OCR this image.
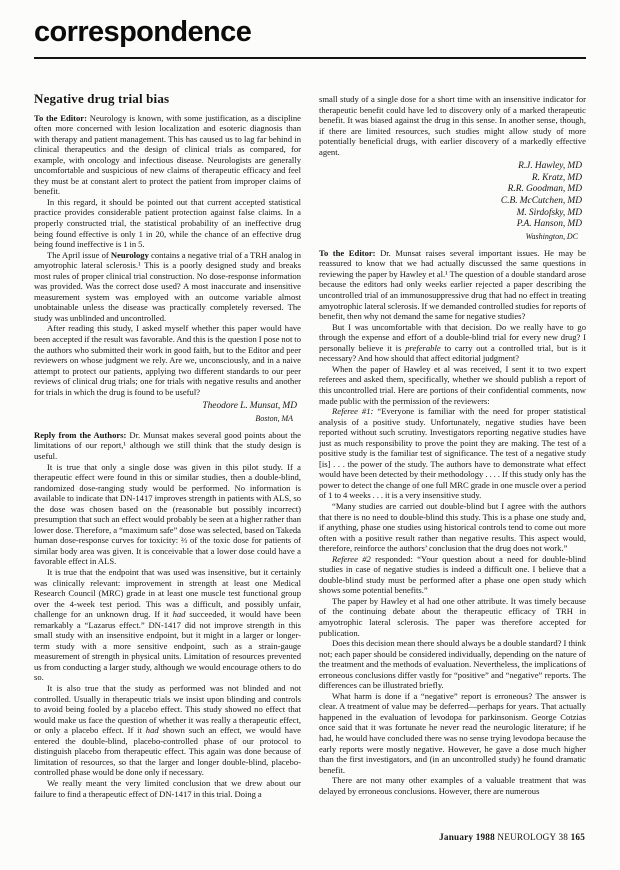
correspondence
Negative drug trial bias

To the Editor: Neurology is known, with some justification, as a discipline often more concerned with lesion localization and esoteric diagnosis than with therapy and patient management. This has caused us to lag far behind in clinical therapeutics and the design of clinical trials as compared, for example, with oncology and infectious disease. Neurologists are generally uncomfortable and suspicious of new claims of therapeutic efficacy and feel they must be at constant alert to protect the patient from improper claims of benefit.

In this regard, it should be pointed out that current accepted statistical practice provides considerable patient protection against false claims. In a properly constructed trial, the statistical probability of an ineffective drug being found effective is only 1 in 20, while the chance of an effective drug being found ineffective is 1 in 5.

The April issue of Neurology contains a negative trial of a TRH analog in amyotrophic lateral sclerosis.¹ This is a poorly designed study and breaks most rules of proper clinical trial construction. No dose-response information was provided. Was the correct dose used? A most inaccurate and insensitive measurement system was employed with an outcome variable almost unobtainable unless the disease was practically completely reversed. The study was unblinded and uncontrolled.

After reading this study, I asked myself whether this paper would have been accepted if the result was favorable. And this is the question I pose not to the authors who submitted their work in good faith, but to the Editor and peer reviewers on whose judgment we rely. Are we, unconsciously, and in a naive attempt to protect our patients, applying two different standards to our peer reviews of clinical drug trials; one for trials with negative results and another for trials in which the drug is found to be useful?

Theodore L. Munsat, MD
Boston, MA

Reply from the Authors: Dr. Munsat makes several good points about the limitations of our report,¹ although we still think that the study design is useful.

It is true that only a single dose was given in this pilot study. If a therapeutic effect were found in this or similar studies, then a double-blind, randomized dose-ranging study would be performed. No information is available to indicate that DN-1417 improves strength in patients with ALS, so the dose was chosen based on the (reasonable but possibly incorrect) presumption that such an effect would probably be seen at a higher rather than lower dose. Therefore, a “maximum safe” dose was selected, based on Takeda human dose-response curves for toxicity: ⅔ of the toxic dose for patients of similar body area was given. It is conceivable that a lower dose could have a favorable effect in ALS.

It is true that the endpoint that was used was insensitive, but it certainly was clinically relevant: improvement in strength at least one Medical Research Council (MRC) grade in at least one muscle test functional group over the 4-week test period. This was a difficult, and possibly unfair, challenge for an unknown drug. If it had succeeded, it would have been remarkably a “Lazarus effect.” DN-1417 did not improve strength in this small study with an insensitive endpoint, but it might in a larger or longer-term study with a more sensitive endpoint, such as a strain-gauge measurement of strength in physical units. Limitation of resources prevented us from conducting a larger study, although we would encourage others to do so.

It is also true that the study as performed was not blinded and not controlled. Usually in therapeutic trials we insist upon blinding and controls to avoid being fooled by a placebo effect. This study showed no effect that would make us face the question of whether it was really a therapeutic effect, or only a placebo effect. If it had shown such an effect, we would have entered the double-blind, placebo-controlled phase of our protocol to distinguish placebo from therapeutic effect. This again was done because of limitation of resources, so that the larger and longer double-blind, placebo-controlled phase would be done only if necessary.

We really meant the very limited conclusion that we drew about our failure to find a therapeutic effect of DN-1417 in this trial. Doing a

small study of a single dose for a short time with an insensitive indicator for therapeutic benefit could have led to discovery only of a marked therapeutic benefit. It was biased against the drug in this sense. In another sense, though, if there are limited resources, such studies might allow study of more potentially beneficial drugs, with earlier discovery of a markedly effective agent.

R.J. Hawley, MD
R. Kratz, MD
R.R. Goodman, MD
C.B. McCutchen, MD
M. Sirdofsky, MD
P.A. Hanson, MD
Washington, DC

To the Editor: Dr. Munsat raises several important issues. He may be reassured to know that we had actually discussed the same questions in reviewing the paper by Hawley et al.¹ The question of a double standard arose because the editors had only weeks earlier rejected a paper describing the uncontrolled trial of an immunosuppressive drug that had no effect in treating amyotrophic lateral sclerosis. If we demanded controlled studies for reports of benefit, then why not demand the same for negative studies?

But I was uncomfortable with that decision. Do we really have to go through the expense and effort of a double-blind trial for every new drug? I personally believe it is preferable to carry out a controlled trial, but is it necessary? And how should that affect editorial judgment?

When the paper of Hawley et al was received, I sent it to two expert referees and asked them, specifically, whether we should publish a report of this uncontrolled trial. Here are portions of their confidential comments, now made public with the permission of the reviewers:

Referee #1: “Everyone is familiar with the need for proper statistical analysis of a positive study. Unfortunately, negative studies have been reported without such scrutiny. Investigators reporting negative studies have just as much responsibility to prove the point they are making. The test of a positive study is the familiar test of significance. The test of a negative study [is] . . . the power of the study. The authors have to demonstrate what effect would have been detected by their methodology . . . . If this study only has the power to detect the change of one full MRC grade in one muscle over a period of 1 to 4 weeks . . . it is a very insensitive study.

“Many studies are carried out double-blind but I agree with the authors that there is no need to double-blind this study. This is a phase one study and, if anything, phase one studies using historical controls tend to come out more often with a positive result rather than negative results. This aspect would, therefore, reinforce the authors’ conclusion that the drug does not work.”

Referee #2 responded: “Your question about a need for double-blind studies in case of negative studies is indeed a difficult one. I believe that a double-blind study must be performed after a phase one open study which shows some potential benefits.”

The paper by Hawley et al had one other attribute. It was timely because of the continuing debate about the therapeutic efficacy of TRH in amyotrophic lateral sclerosis. The paper was therefore accepted for publication.

Does this decision mean there should always be a double standard? I think not; each paper should be considered individually, depending on the nature of the treatment and the methods of evaluation. Nevertheless, the implications of erroneous conclusions differ vastly for “positive” and “negative” reports. The differences can be illustrated briefly.

What harm is done if a “negative” report is erroneous? The answer is clear. A treatment of value may be deferred—perhaps for years. That actually happened in the evaluation of levodopa for parkinsonism. George Cotzias once said that it was fortunate he never read the neurologic literature; if he had, he would have concluded there was no sense trying levodopa because the early reports were mostly negative. However, he gave a dose much higher than the first investigators, and (in an uncontrolled study) he found dramatic benefit.

There are not many other examples of a valuable treatment that was delayed by erroneous conclusions. However, there are numerous

January 1988 NEUROLOGY 38 165
